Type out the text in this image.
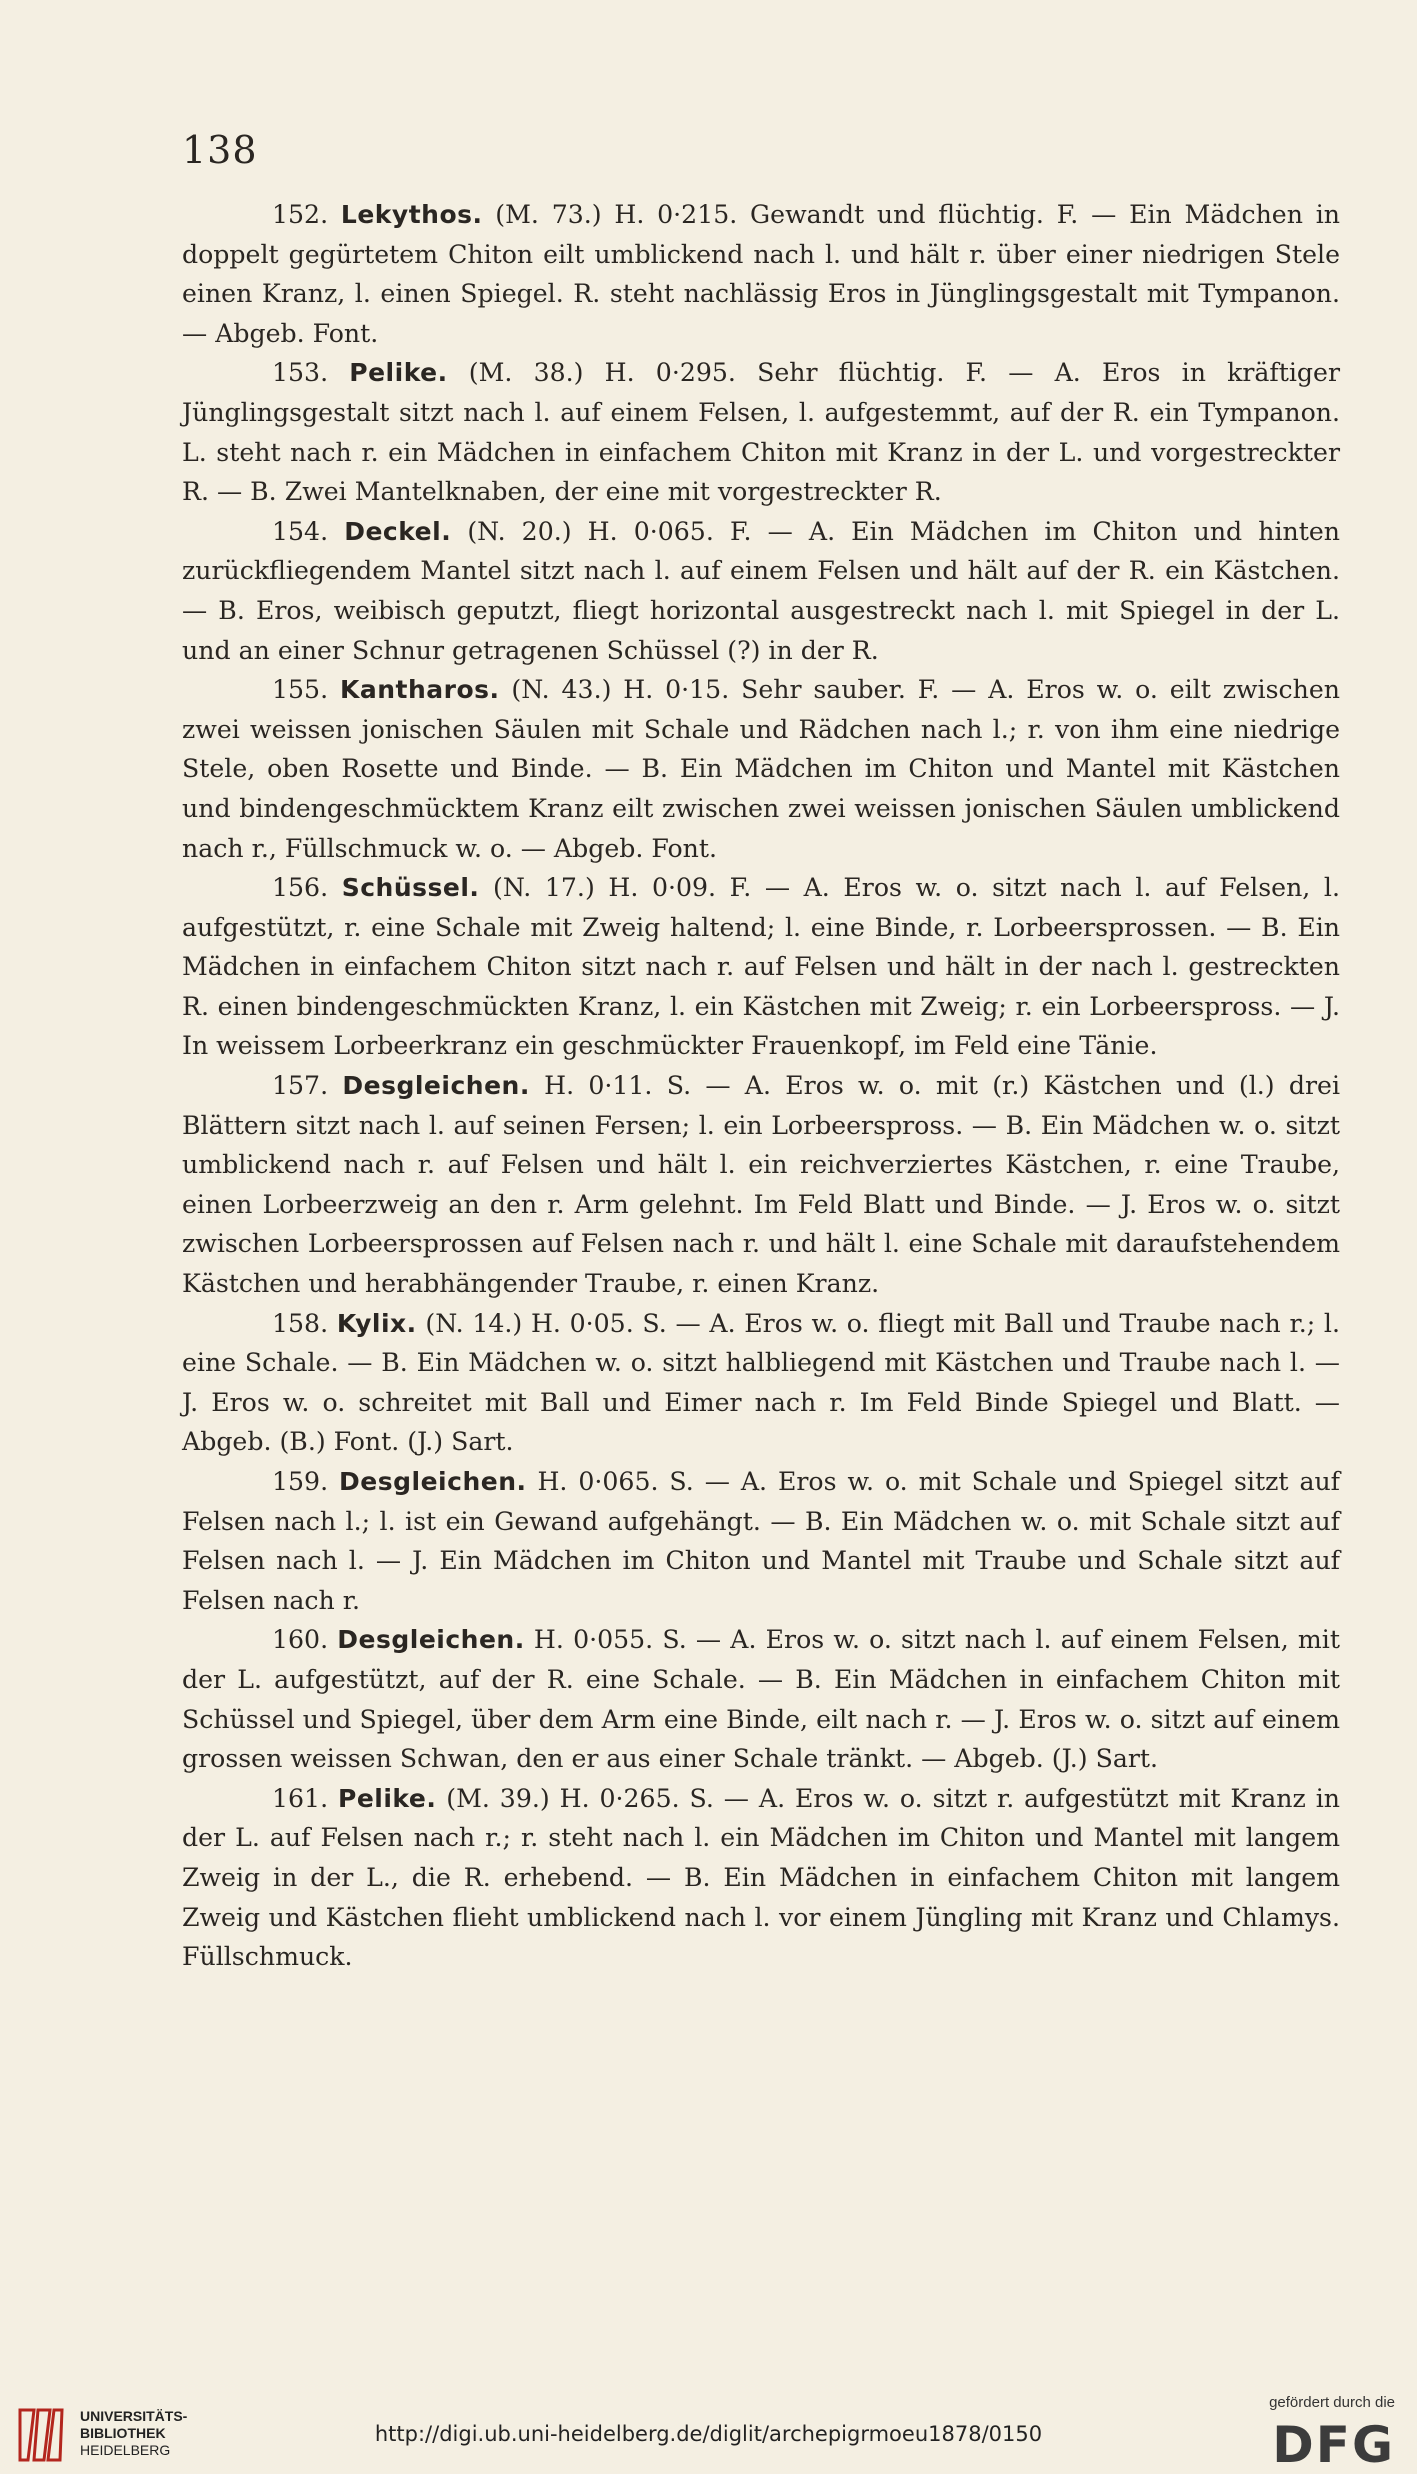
138

152. Lekythos. (M. 73.) H. 0·215. Gewandt und flüchtig. F. — Ein Mädchen in doppelt gegürtetem Chiton eilt umblickend nach l. und hält r. über einer niedrigen Stele einen Kranz, l. einen Spiegel. R. steht nachlässig Eros in Jünglingsgestalt mit Tympanon. — Abgeb. Font.

153. Pelike. (M. 38.) H. 0·295. Sehr flüchtig. F. — A. Eros in kräftiger Jünglingsgestalt sitzt nach l. auf einem Felsen, l. aufgestemmt, auf der R. ein Tympanon. L. steht nach r. ein Mädchen in einfachem Chiton mit Kranz in der L. und vorgestreckter R. — B. Zwei Mantelknaben, der eine mit vorgestreckter R.

154. Deckel. (N. 20.) H. 0·065. F. — A. Ein Mädchen im Chiton und hinten zurückfliegendem Mantel sitzt nach l. auf einem Felsen und hält auf der R. ein Kästchen. — B. Eros, weibisch geputzt, fliegt horizontal ausgestreckt nach l. mit Spiegel in der L. und an einer Schnur getragenen Schüssel (?) in der R.

155. Kantharos. (N. 43.) H. 0·15. Sehr sauber. F. — A. Eros w. o. eilt zwischen zwei weissen jonischen Säulen mit Schale und Rädchen nach l.; r. von ihm eine niedrige Stele, oben Rosette und Binde. — B. Ein Mädchen im Chiton und Mantel mit Kästchen und bindengeschmücktem Kranz eilt zwischen zwei weissen jonischen Säulen umblickend nach r., Füllschmuck w. o. — Abgeb. Font.

156. Schüssel. (N. 17.) H. 0·09. F. — A. Eros w. o. sitzt nach l. auf Felsen, l. aufgestützt, r. eine Schale mit Zweig haltend; l. eine Binde, r. Lorbeersprossen. — B. Ein Mädchen in einfachem Chiton sitzt nach r. auf Felsen und hält in der nach l. gestreckten R. einen bindengeschmückten Kranz, l. ein Kästchen mit Zweig; r. ein Lorbeerspross. — J. In weissem Lorbeerkranz ein geschmückter Frauenkopf, im Feld eine Tänie.

157. Desgleichen. H. 0·11. S. — A. Eros w. o. mit (r.) Kästchen und (l.) drei Blättern sitzt nach l. auf seinen Fersen; l. ein Lorbeerspross. — B. Ein Mädchen w. o. sitzt umblickend nach r. auf Felsen und hält l. ein reichverziertes Kästchen, r. eine Traube, einen Lorbeerzweig an den r. Arm gelehnt. Im Feld Blatt und Binde. — J. Eros w. o. sitzt zwischen Lorbeersprossen auf Felsen nach r. und hält l. eine Schale mit daraufstehendem Kästchen und herabhängender Traube, r. einen Kranz.

158. Kylix. (N. 14.) H. 0·05. S. — A. Eros w. o. fliegt mit Ball und Traube nach r.; l. eine Schale. — B. Ein Mädchen w. o. sitzt halbliegend mit Kästchen und Traube nach l. — J. Eros w. o. schreitet mit Ball und Eimer nach r. Im Feld Binde Spiegel und Blatt. — Abgeb. (B.) Font. (J.) Sart.

159. Desgleichen. H. 0·065. S. — A. Eros w. o. mit Schale und Spiegel sitzt auf Felsen nach l.; l. ist ein Gewand aufgehängt. — B. Ein Mädchen w. o. mit Schale sitzt auf Felsen nach l. — J. Ein Mädchen im Chiton und Mantel mit Traube und Schale sitzt auf Felsen nach r.

160. Desgleichen. H. 0·055. S. — A. Eros w. o. sitzt nach l. auf einem Felsen, mit der L. aufgestützt, auf der R. eine Schale. — B. Ein Mädchen in einfachem Chiton mit Schüssel und Spiegel, über dem Arm eine Binde, eilt nach r. — J. Eros w. o. sitzt auf einem grossen weissen Schwan, den er aus einer Schale tränkt. — Abgeb. (J.) Sart.

161. Pelike. (M. 39.) H. 0·265. S. — A. Eros w. o. sitzt r. aufgestützt mit Kranz in der L. auf Felsen nach r.; r. steht nach l. ein Mädchen im Chiton und Mantel mit langem Zweig in der L., die R. erhebend. — B. Ein Mädchen in einfachem Chiton mit langem Zweig und Kästchen flieht umblickend nach l. vor einem Jüngling mit Kranz und Chlamys. Füllschmuck.

UNIVERSITÄTS-
BIBLIOTHEK
HEIDELBERG
http://digi.ub.uni-heidelberg.de/diglit/archepigrmoeu1878/0150
gefördert durch die
DFG
